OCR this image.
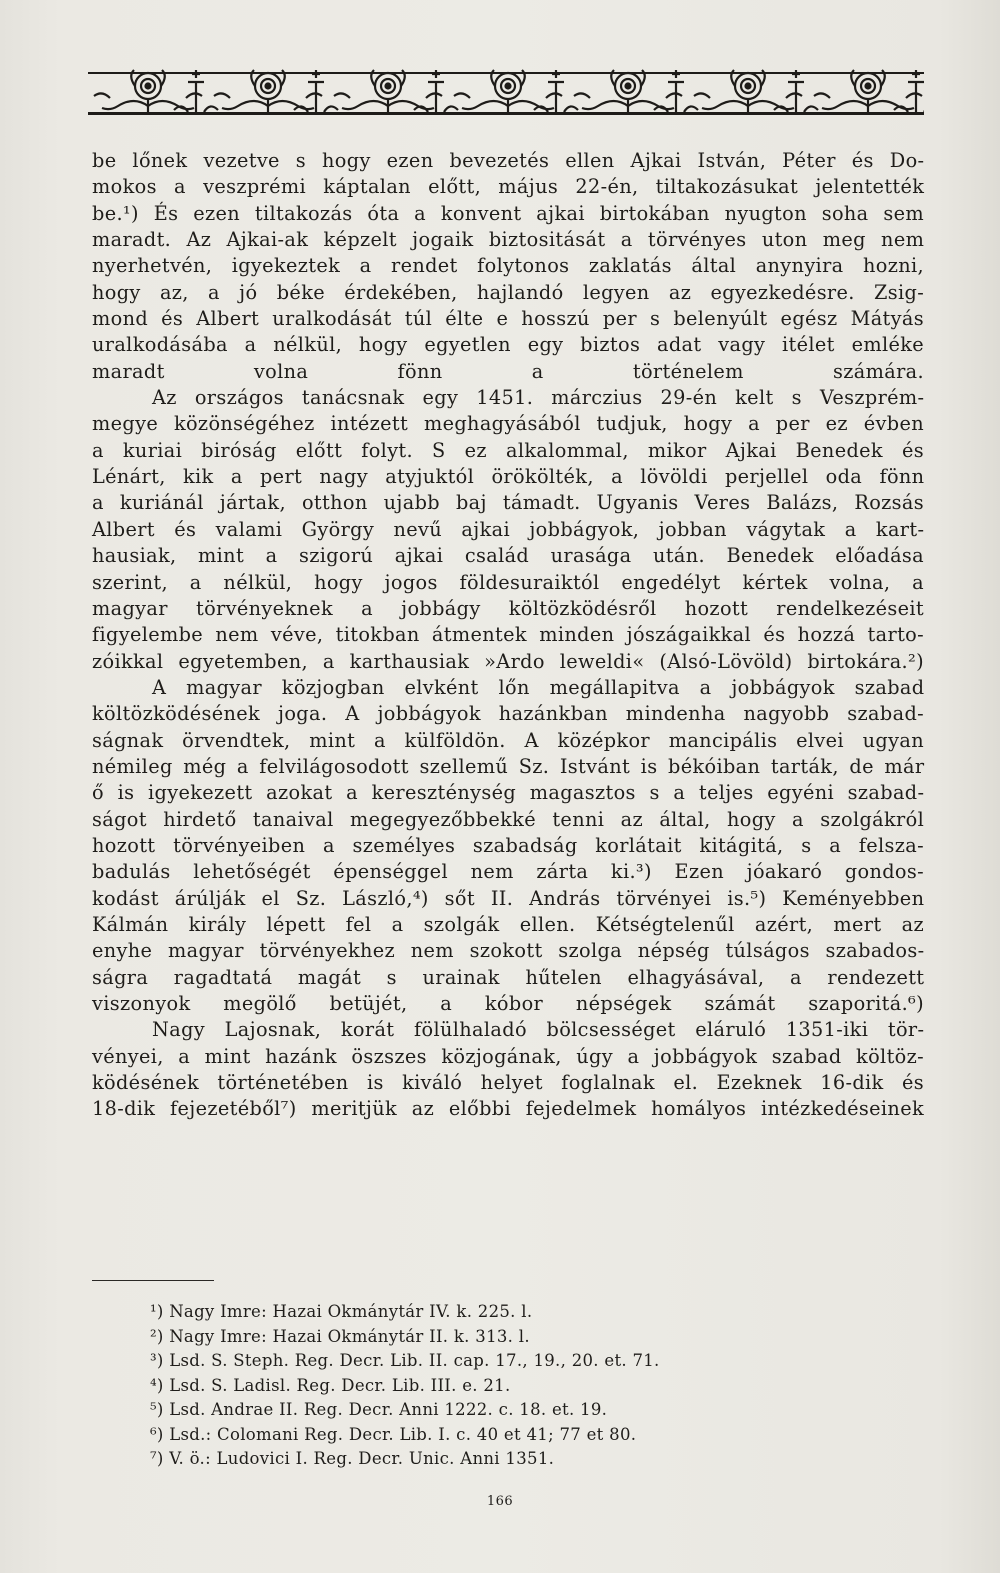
be lőnek vezetve s hogy ezen bevezetés ellen Ajkai István, Péter és Do-
mokos a veszprémi káptalan előtt, május 22-én, tiltakozásukat jelentették
be.¹) És ezen tiltakozás óta a konvent ajkai birtokában nyugton soha sem
maradt. Az Ajkai-ak képzelt jogaik biztositását a törvényes uton meg nem
nyerhetvén, igyekeztek a rendet folytonos zaklatás által anynyira hozni,
hogy az, a jó béke érdekében, hajlandó legyen az egyezkedésre. Zsig-
mond és Albert uralkodását túl élte e hosszú per s belenyúlt egész Mátyás
uralkodásába a nélkül, hogy egyetlen egy biztos adat vagy itélet emléke
maradt volna fönn a történelem számára.

Az országos tanácsnak egy 1451. márczius 29-én kelt s Veszprém-
megye közönségéhez intézett meghagyásából tudjuk, hogy a per ez évben
a kuriai biróság előtt folyt. S ez alkalommal, mikor Ajkai Benedek és
Lénárt, kik a pert nagy atyjuktól örökölték, a lövöldi perjellel oda fönn
a kuriánál jártak, otthon ujabb baj támadt. Ugyanis Veres Balázs, Rozsás
Albert és valami György nevű ajkai jobbágyok, jobban vágytak a kart-
hausiak, mint a szigorú ajkai család urasága után. Benedek előadása
szerint, a nélkül, hogy jogos földesuraiktól engedélyt kértek volna, a
magyar törvényeknek a jobbágy költözködésről hozott rendelkezéseit
figyelembe nem véve, titokban átmentek minden jószágaikkal és hozzá tarto-
zóikkal egyetemben, a karthausiak »Ardo leweldi« (Alsó-Lövöld) birtokára.²)

A magyar közjogban elvként lőn megállapitva a jobbágyok szabad
költözködésének joga. A jobbágyok hazánkban mindenha nagyobb szabad-
ságnak örvendtek, mint a külföldön. A középkor mancipális elvei ugyan
némileg még a felvilágosodott szellemű Sz. Istvánt is békóiban tarták, de már
ő is igyekezett azokat a kereszténység magasztos s a teljes egyéni szabad-
ságot hirdető tanaival megegyezőbbekké tenni az által, hogy a szolgákról
hozott törvényeiben a személyes szabadság korlátait kitágitá, s a felsza-
badulás lehetőségét épenséggel nem zárta ki.³) Ezen jóakaró gondos-
kodást árúlják el Sz. László,⁴) sőt II. András törvényei is.⁵) Keményebben
Kálmán király lépett fel a szolgák ellen. Kétségtelenűl azért, mert az
enyhe magyar törvényekhez nem szokott szolga népség túlságos szabados-
ságra ragadtatá magát s urainak hűtelen elhagyásával, a rendezett
viszonyok megölő betüjét, a kóbor népségek számát szaporitá.⁶)

Nagy Lajosnak, korát fölülhaladó bölcsességet eláruló 1351-iki tör-
vényei, a mint hazánk öszszes közjogának, úgy a jobbágyok szabad költöz-
ködésének történetében is kiváló helyet foglalnak el. Ezeknek 16-dik és
18-dik fejezetéből⁷) meritjük az előbbi fejedelmek homályos intézkedéseinek

¹) Nagy Imre: Hazai Okmánytár IV. k. 225. l.
²) Nagy Imre: Hazai Okmánytár II. k. 313. l.
³) Lsd. S. Steph. Reg. Decr. Lib. II. cap. 17., 19., 20. et. 71.
⁴) Lsd. S. Ladisl. Reg. Decr. Lib. III. e. 21.
⁵) Lsd. Andrae II. Reg. Decr. Anni 1222. c. 18. et. 19.
⁶) Lsd.: Colomani Reg. Decr. Lib. I. c. 40 et 41; 77 et 80.
⁷) V. ö.: Ludovici I. Reg. Decr. Unic. Anni 1351.
166
